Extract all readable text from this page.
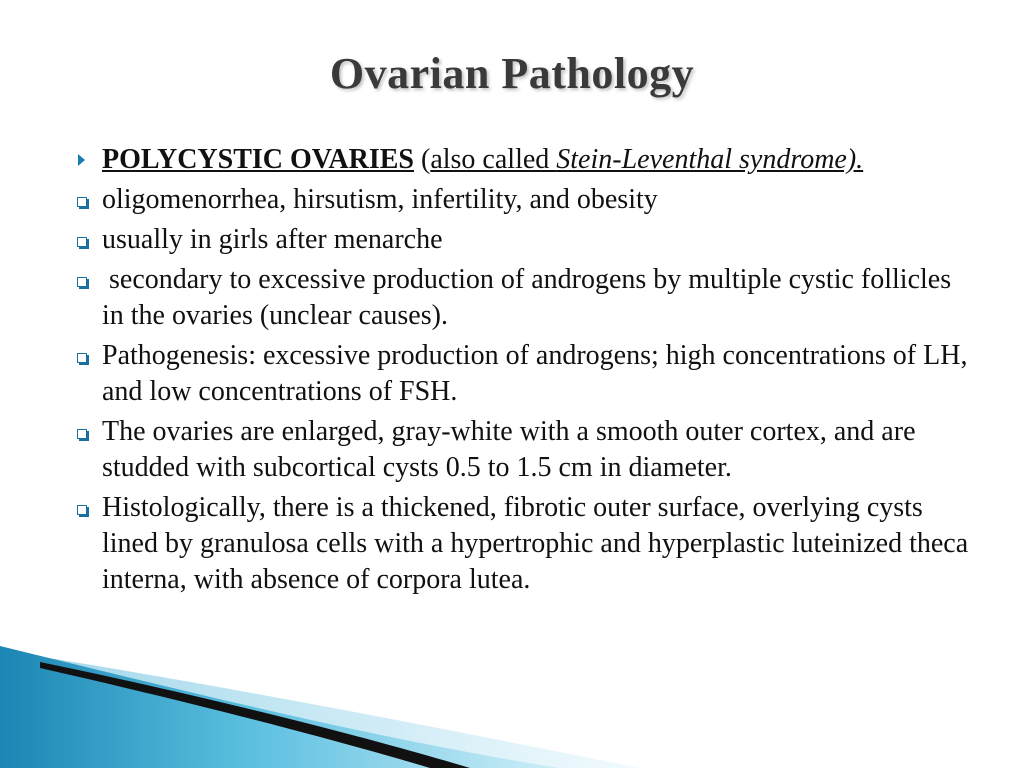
Ovarian Pathology
POLYCYSTIC OVARIES (also called Stein-Leventhal syndrome).
oligomenorrhea, hirsutism, infertility, and obesity
usually in girls after menarche
secondary to excessive production of androgens by multiple cystic follicles in the ovaries (unclear causes).
Pathogenesis: excessive production of androgens; high concentrations of LH, and low concentrations of FSH.
The ovaries are enlarged, gray-white with a smooth outer cortex, and are studded with subcortical cysts 0.5 to 1.5 cm in diameter.
Histologically, there is a thickened, fibrotic outer surface, overlying cysts lined by granulosa cells with a hypertrophic and hyperplastic luteinized theca interna, with absence of corpora lutea.
